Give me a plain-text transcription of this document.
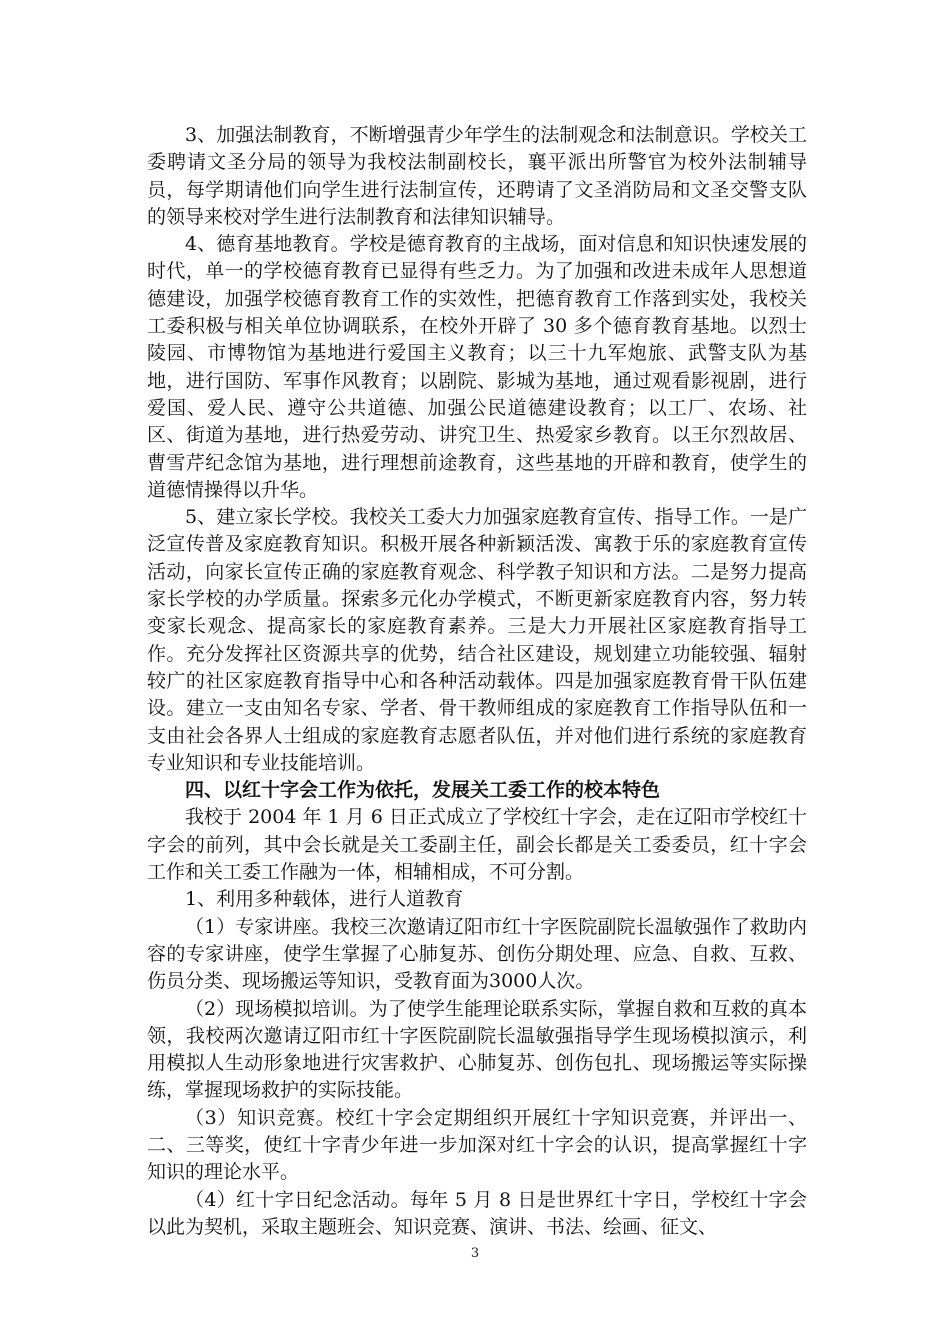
3、加强法制教育，不断增强青少年学生的法制观念和法制意识。学校关工委聘请文圣分局的领导为我校法制副校长，襄平派出所警官为校外法制辅导员，每学期请他们向学生进行法制宣传，还聘请了文圣消防局和文圣交警支队的领导来校对学生进行法制教育和法律知识辅导。

4、德育基地教育。学校是德育教育的主战场，面对信息和知识快速发展的时代，单一的学校德育教育已显得有些乏力。为了加强和改进未成年人思想道德建设，加强学校德育教育工作的实效性，把德育教育工作落到实处，我校关工委积极与相关单位协调联系，在校外开辟了 30 多个德育教育基地。以烈士陵园、市博物馆为基地进行爱国主义教育；以三十九军炮旅、武警支队为基地，进行国防、军事作风教育；以剧院、影城为基地，通过观看影视剧，进行爱国、爱人民、遵守公共道德、加强公民道德建设教育；以工厂、农场、社区、街道为基地，进行热爱劳动、讲究卫生、热爱家乡教育。以王尔烈故居、曹雪芹纪念馆为基地，进行理想前途教育，这些基地的开辟和教育，使学生的道德情操得以升华。

5、建立家长学校。我校关工委大力加强家庭教育宣传、指导工作。一是广泛宣传普及家庭教育知识。积极开展各种新颖活泼、寓教于乐的家庭教育宣传活动，向家长宣传正确的家庭教育观念、科学教子知识和方法。二是努力提高家长学校的办学质量。探索多元化办学模式，不断更新家庭教育内容，努力转变家长观念、提高家长的家庭教育素养。三是大力开展社区家庭教育指导工作。充分发挥社区资源共享的优势，结合社区建设，规划建立功能较强、辐射较广的社区家庭教育指导中心和各种活动载体。四是加强家庭教育骨干队伍建设。建立一支由知名专家、学者、骨干教师组成的家庭教育工作指导队伍和一支由社会各界人士组成的家庭教育志愿者队伍，并对他们进行系统的家庭教育专业知识和专业技能培训。

四、以红十字会工作为依托，发展关工委工作的校本特色

我校于 2004 年 1 月 6 日正式成立了学校红十字会，走在辽阳市学校红十字会的前列，其中会长就是关工委副主任，副会长都是关工委委员，红十字会工作和关工委工作融为一体，相辅相成，不可分割。

1、利用多种载体，进行人道教育

（1）专家讲座。我校三次邀请辽阳市红十字医院副院长温敏强作了救助内容的专家讲座，使学生掌握了心肺复苏、创伤分期处理、应急、自救、互救、伤员分类、现场搬运等知识，受教育面为3000人次。

（2）现场模拟培训。为了使学生能理论联系实际，掌握自救和互救的真本领，我校两次邀请辽阳市红十字医院副院长温敏强指导学生现场模拟演示，利用模拟人生动形象地进行灾害救护、心肺复苏、创伤包扎、现场搬运等实际操练，掌握现场救护的实际技能。

（3）知识竞赛。校红十字会定期组织开展红十字知识竞赛，并评出一、二、三等奖，使红十字青少年进一步加深对红十字会的认识，提高掌握红十字知识的理论水平。

（4）红十字日纪念活动。每年 5 月 8 日是世界红十字日，学校红十字会以此为契机，采取主题班会、知识竞赛、演讲、书法、绘画、征文、

3
